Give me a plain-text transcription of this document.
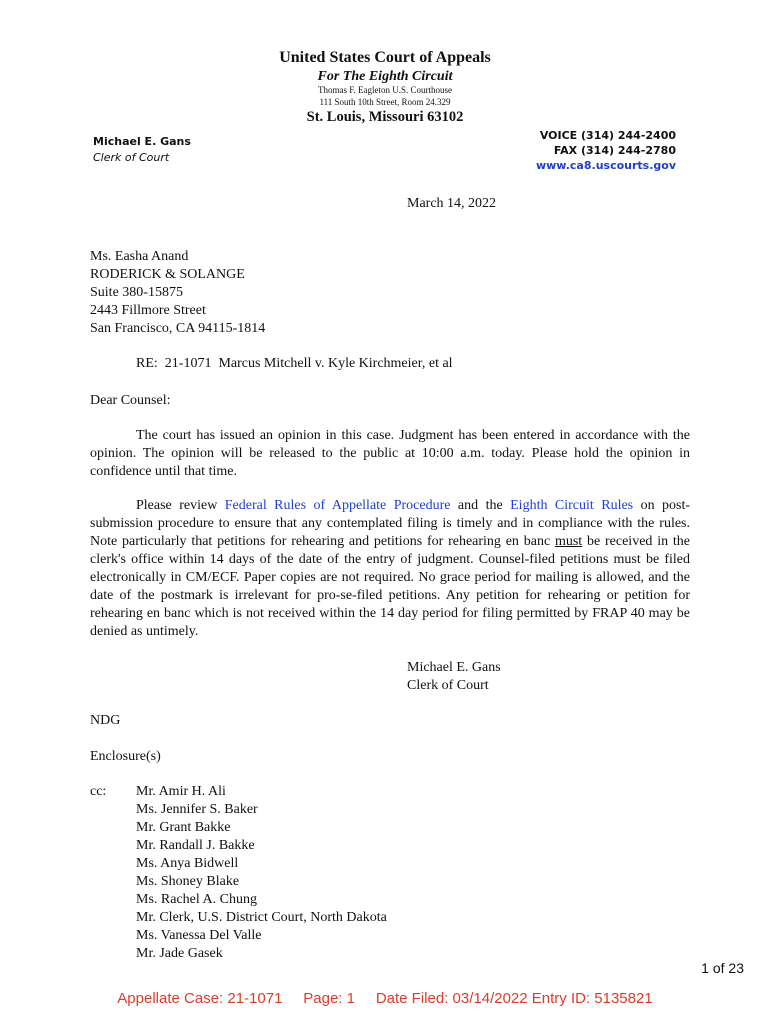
United States Court of Appeals
For The Eighth Circuit
Thomas F. Eagleton U.S. Courthouse
111 South 10th Street, Room 24.329
St. Louis, Missouri 63102
Michael E. Gans
Clerk of Court
VOICE (314) 244-2400
FAX (314) 244-2780
www.ca8.uscourts.gov
March 14, 2022
Ms. Easha Anand
RODERICK & SOLANGE
Suite 380-15875
2443 Fillmore Street
San Francisco, CA 94115-1814
RE:  21-1071  Marcus Mitchell v. Kyle Kirchmeier, et al
Dear Counsel:
The court has issued an opinion in this case. Judgment has been entered in accordance with the opinion. The opinion will be released to the public at 10:00 a.m. today. Please hold the opinion in confidence until that time.
Please review Federal Rules of Appellate Procedure and the Eighth Circuit Rules on post-submission procedure to ensure that any contemplated filing is timely and in compliance with the rules. Note particularly that petitions for rehearing and petitions for rehearing en banc must be received in the clerk's office within 14 days of the date of the entry of judgment. Counsel-filed petitions must be filed electronically in CM/ECF. Paper copies are not required. No grace period for mailing is allowed, and the date of the postmark is irrelevant for pro-se-filed petitions. Any petition for rehearing or petition for rehearing en banc which is not received within the 14 day period for filing permitted by FRAP 40 may be denied as untimely.
Michael E. Gans
Clerk of Court
NDG
Enclosure(s)
cc: Mr. Amir H. Ali
Ms. Jennifer S. Baker
Mr. Grant Bakke
Mr. Randall J. Bakke
Ms. Anya Bidwell
Ms. Shoney Blake
Ms. Rachel A. Chung
Mr. Clerk, U.S. District Court, North Dakota
Ms. Vanessa Del Valle
Mr. Jade Gasek
1 of 23
Appellate Case: 21-1071 Page: 1 Date Filed: 03/14/2022 Entry ID: 5135821
